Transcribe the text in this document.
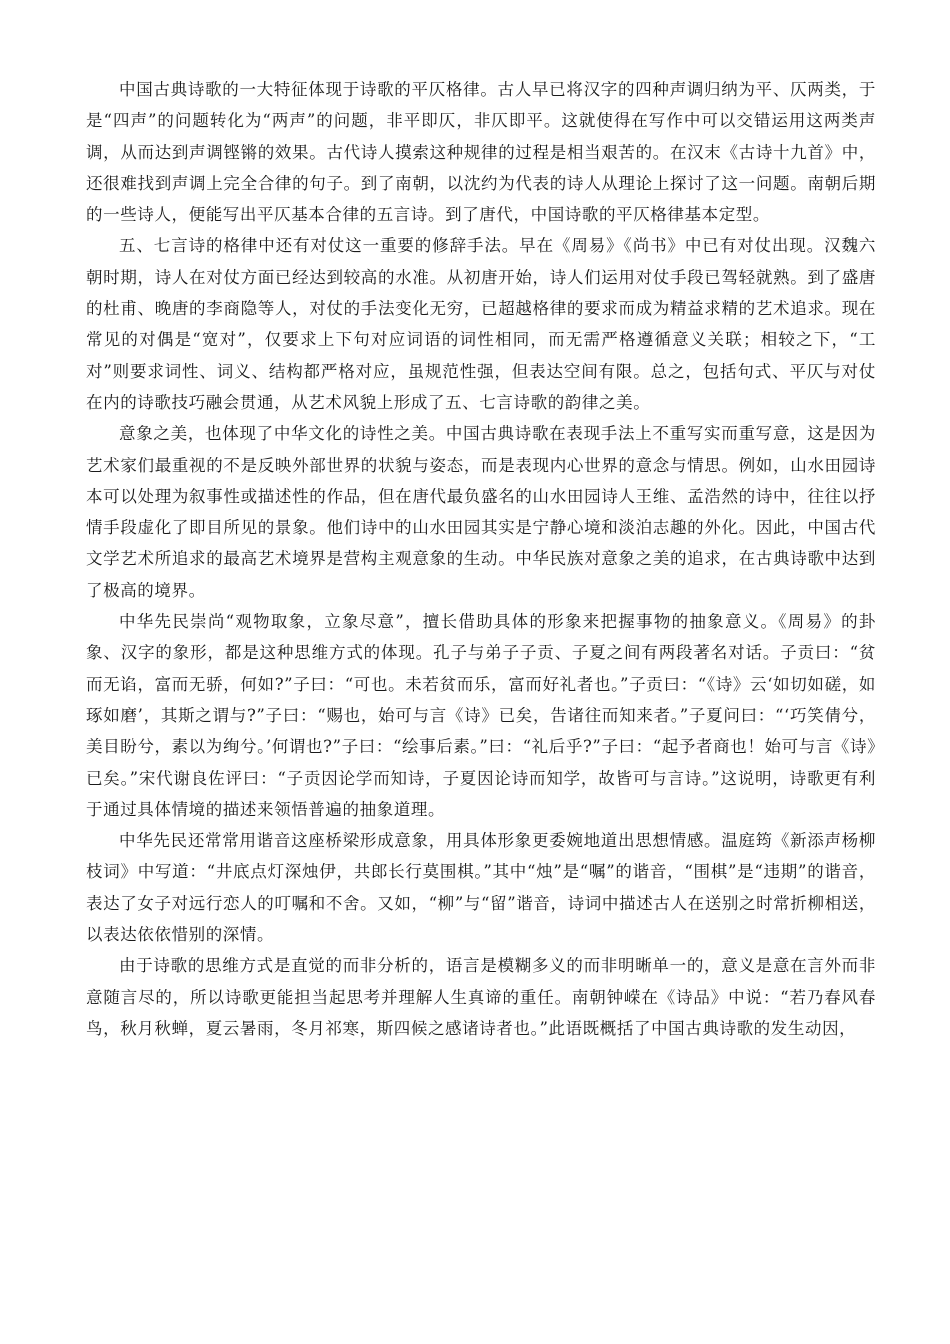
中国古典诗歌的一大特征体现于诗歌的平仄格律。古人早已将汉字的四种声调归纳为平、仄两类，于是“四声”的问题转化为“两声”的问题，非平即仄，非仄即平。这就使得在写作中可以交错运用这两类声调，从而达到声调铿锵的效果。古代诗人摸索这种规律的过程是相当艰苦的。在汉末《古诗十九首》中，还很难找到声调上完全合律的句子。到了南朝，以沈约为代表的诗人从理论上探讨了这一问题。南朝后期的一些诗人，便能写出平仄基本合律的五言诗。到了唐代，中国诗歌的平仄格律基本定型。

五、七言诗的格律中还有对仗这一重要的修辞手法。早在《周易》《尚书》中已有对仗出现。汉魏六朝时期，诗人在对仗方面已经达到较高的水准。从初唐开始，诗人们运用对仗手段已驾轻就熟。到了盛唐的杜甫、晚唐的李商隐等人，对仗的手法变化无穷，已超越格律的要求而成为精益求精的艺术追求。现在常见的对偶是“宽对”，仅要求上下句对应词语的词性相同，而无需严格遵循意义关联；相较之下，“工对”则要求词性、词义、结构都严格对应，虽规范性强，但表达空间有限。总之，包括句式、平仄与对仗在内的诗歌技巧融会贯通，从艺术风貌上形成了五、七言诗歌的韵律之美。

意象之美，也体现了中华文化的诗性之美。中国古典诗歌在表现手法上不重写实而重写意，这是因为艺术家们最重视的不是反映外部世界的状貌与姿态，而是表现内心世界的意念与情思。例如，山水田园诗本可以处理为叙事性或描述性的作品，但在唐代最负盛名的山水田园诗人王维、孟浩然的诗中，往往以抒情手段虚化了即目所见的景象。他们诗中的山水田园其实是宁静心境和淡泊志趣的外化。因此，中国古代文学艺术所追求的最高艺术境界是营构主观意象的生动。中华民族对意象之美的追求，在古典诗歌中达到了极高的境界。

中华先民崇尚“观物取象，立象尽意”，擅长借助具体的形象来把握事物的抽象意义。《周易》的卦象、汉字的象形，都是这种思维方式的体现。孔子与弟子子贡、子夏之间有两段著名对话。子贡曰：“贫而无谄，富而无骄，何如?”子曰：“可也。未若贫而乐，富而好礼者也。”子贡曰：“《诗》云‘如切如磋，如琢如磨’，其斯之谓与?”子曰：“赐也，始可与言《诗》已矣，告诸往而知来者。”子夏问曰：“‘巧笑倩兮，美目盼兮，素以为绚兮。’何谓也?”子曰：“绘事后素。”曰：“礼后乎?”子曰：“起予者商也！始可与言《诗》已矣。”宋代谢良佐评曰：“子贡因论学而知诗，子夏因论诗而知学，故皆可与言诗。”这说明，诗歌更有利于通过具体情境的描述来领悟普遍的抽象道理。

中华先民还常常用谐音这座桥梁形成意象，用具体形象更委婉地道出思想情感。温庭筠《新添声杨柳枝词》中写道：“井底点灯深烛伊，共郎长行莫围棋。”其中“烛”是“嘱”的谐音，“围棋”是“违期”的谐音，表达了女子对远行恋人的叮嘱和不舍。又如，“柳”与“留”谐音，诗词中描述古人在送别之时常折柳相送，以表达依依惜别的深情。

由于诗歌的思维方式是直觉的而非分析的，语言是模糊多义的而非明晰单一的，意义是意在言外而非意随言尽的，所以诗歌更能担当起思考并理解人生真谛的重任。南朝钟嵘在《诗品》中说：“若乃春风春鸟，秋月秋蝉，夏云暑雨，冬月祁寒，斯四候之感诸诗者也。”此语既概括了中国古典诗歌的发生动因，
